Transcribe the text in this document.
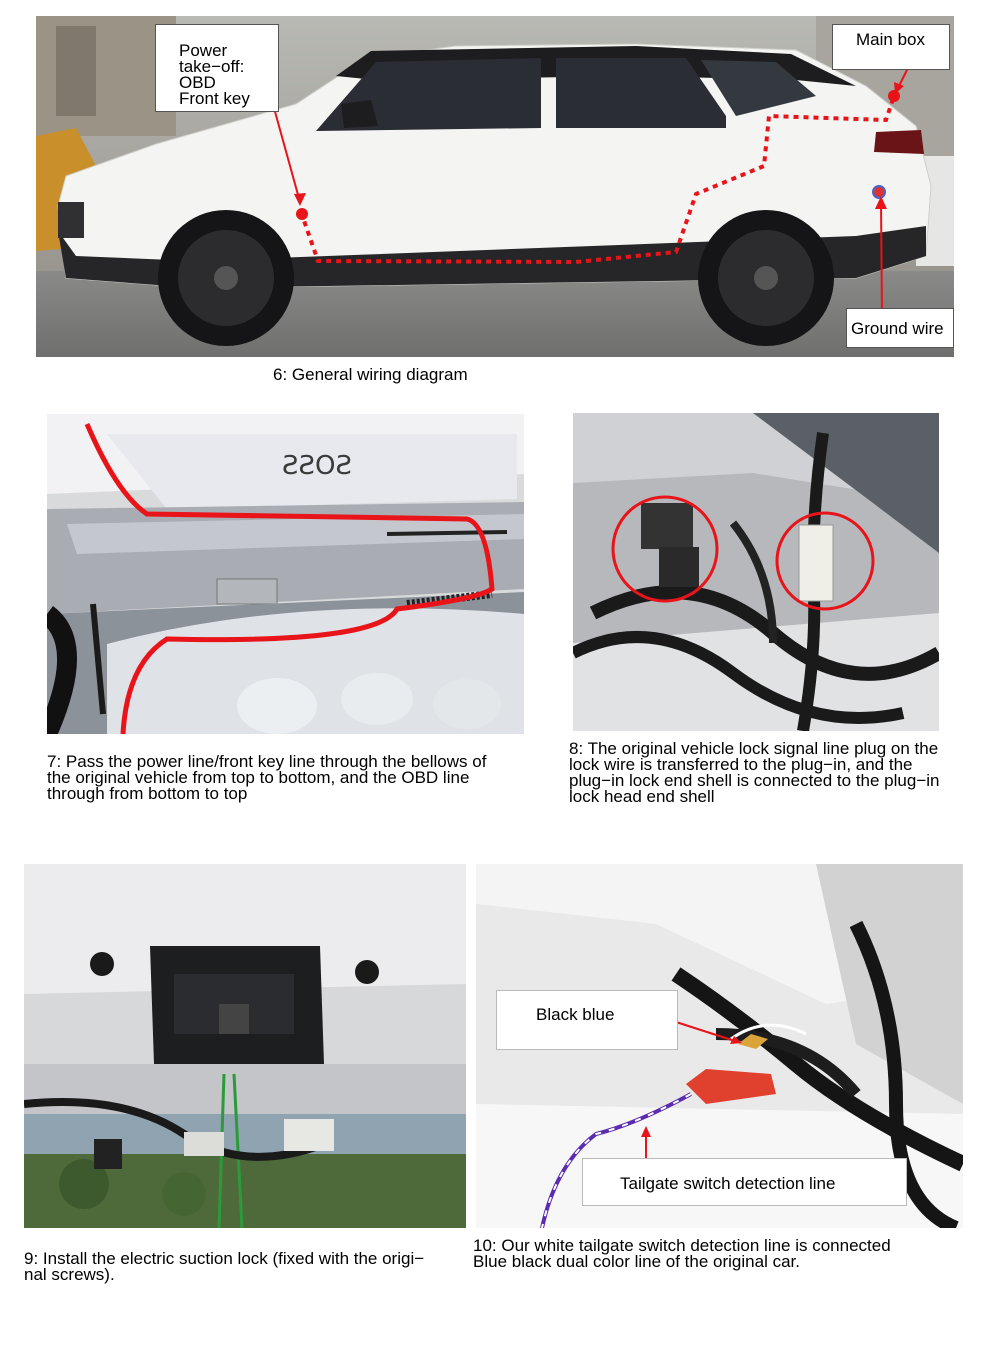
Power
take−off:
OBD
Front key
Main box
Ground wire
6: General wiring diagram
SOSS
7: Pass the power line/front key line through the bellows of
the original vehicle from top to bottom, and the OBD line
through from bottom to top
8: The original vehicle lock signal line plug on the
lock wire is transferred to the plug−in, and the
plug−in lock end shell is connected to the plug−in
lock head end shell
9: Install the electric suction lock (fixed with the origi−
nal screws).
Black blue
Tailgate switch detection line
10: Our white tailgate switch detection line is connected
Blue black dual color line of the original car.
